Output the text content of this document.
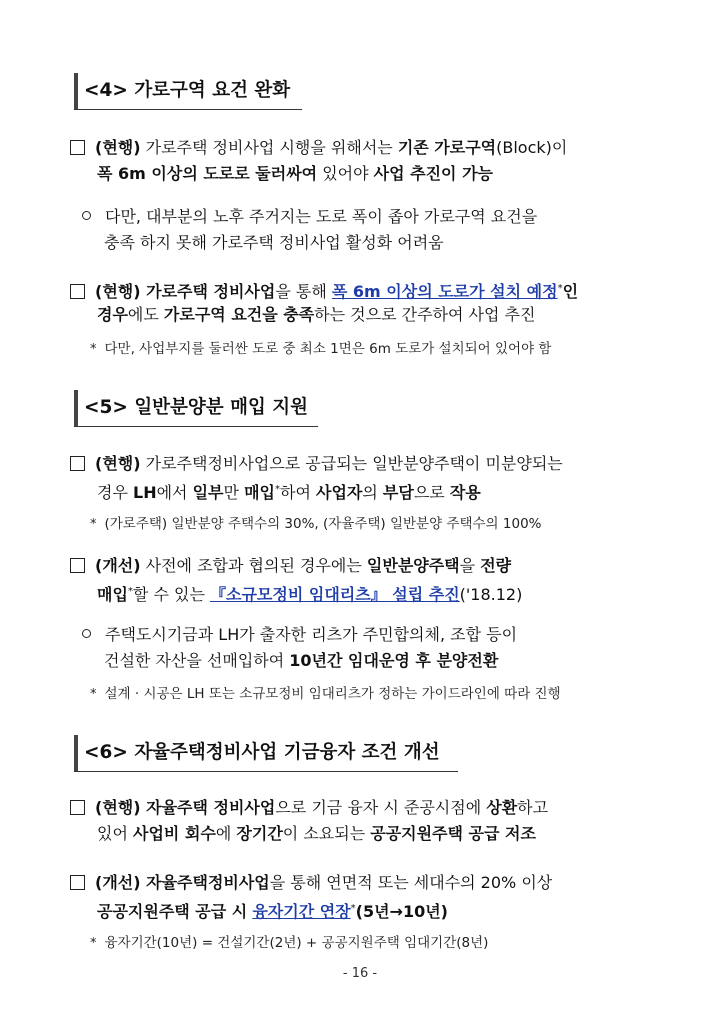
<4> 가로구역 요건 완화
(현행) 가로주택 정비사업 시행을 위해서는 기존 가로구역(Block)이
폭 6m 이상의 도로로 둘러싸여 있어야 사업 추진이 가능
다만, 대부분의 노후 주거지는 도로 폭이 좁아 가로구역 요건을
충족 하지 못해 가로주택 정비사업 활성화 어려움
(현행) 가로주택 정비사업을 통해 폭 6m 이상의 도로가 설치 예정*인
경우에도 가로구역 요건을 충족하는 것으로 간주하여 사업 추진
* 다만, 사업부지를 둘러싼 도로 중 최소 1면은 6m 도로가 설치되어 있어야 함
<5> 일반분양분 매입 지원
(현행) 가로주택정비사업으로 공급되는 일반분양주택이 미분양되는
경우 LH에서 일부만 매입*하여 사업자의 부담으로 작용
* (가로주택) 일반분양 주택수의 30%, (자율주택) 일반분양 주택수의 100%
(개선) 사전에 조합과 협의된 경우에는 일반분양주택을 전량
매입*할 수 있는 『소규모정비 임대리츠』 설립 추진('18.12)
주택도시기금과 LH가 출자한 리츠가 주민합의체, 조합 등이
건설한 자산을 선매입하여 10년간 임대운영 후 분양전환
* 설계 · 시공은 LH 또는 소규모정비 임대리츠가 정하는 가이드라인에 따라 진행
<6> 자율주택정비사업 기금융자 조건 개선
(현행) 자율주택 정비사업으로 기금 융자 시 준공시점에 상환하고
있어 사업비 회수에 장기간이 소요되는 공공지원주택 공급 저조
(개선) 자율주택정비사업을 통해 연면적 또는 세대수의 20% 이상
공공지원주택 공급 시 융자기간 연장*(5년→10년)
* 융자기간(10년) = 건설기간(2년) + 공공지원주택 임대기간(8년)
- 16 -
